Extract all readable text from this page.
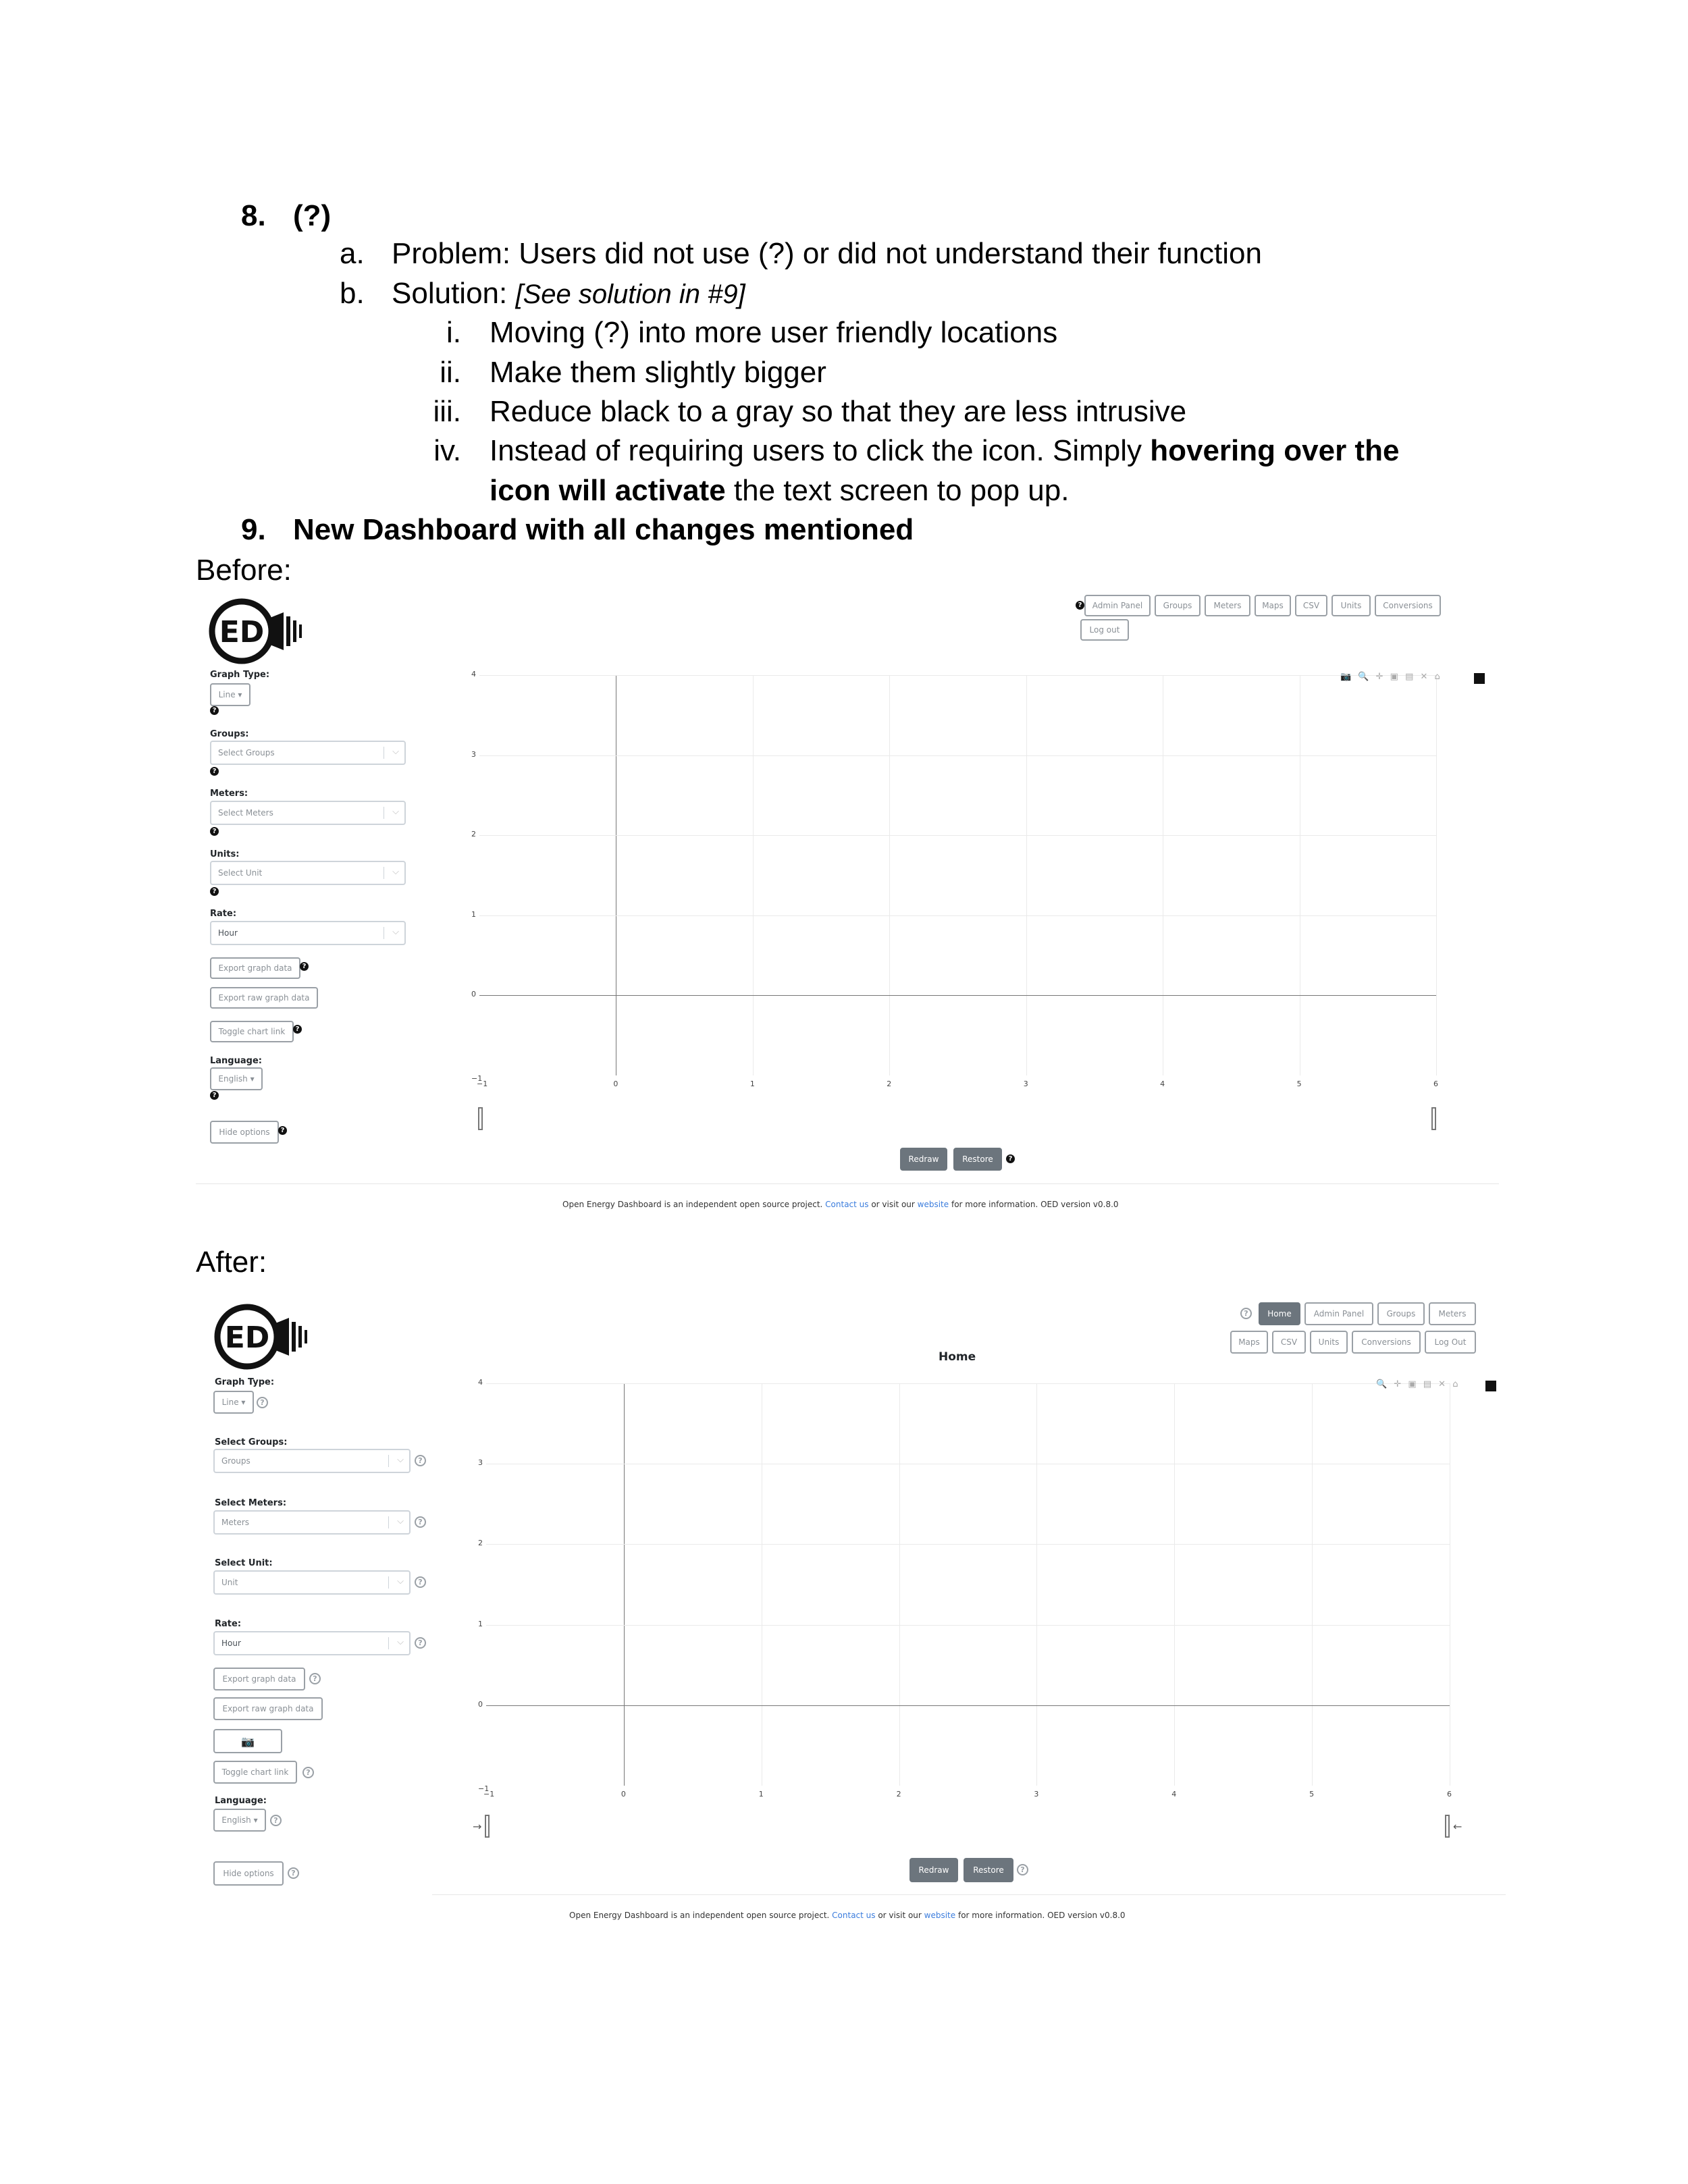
8. (?)
a. Problem: Users did not use (?) or did not understand their function
b. Solution: [See solution in #9]
i. Moving (?) into more user friendly locations
ii. Make them slightly bigger
iii. Reduce black to a gray so that they are less intrusive
iv. Instead of requiring users to click the icon. Simply hovering over the
icon will activate the text screen to pop up.
9. New Dashboard with all changes mentioned
Before:
After:
ED
?	Admin Panel	Groups	Meters	Maps	CSV	Units	Conversions
Log out
Graph Type:
Line ▾
?
Groups:
Select Groups	⌵
?
Meters:
Select Meters	⌵
?
Units:
Select Unit	⌵
?
Rate:
Hour	⌵
Export graph data	?
Export raw graph data
Toggle chart link	?
Language:
English ▾
?
Hide options	?
−1	0	1	2	3	4	5	6
4
3
2
1
0
−1
📷 🔍 ✛ ▣ ▤ ✕ ⌂
Redraw	Restore	?
Open Energy Dashboard is an independent open source project. Contact us or visit our website for more information. OED version v0.8.0
ED
?	Home	Admin Panel	Groups	Meters
Maps	CSV	Units	Conversions	Log Out
Home
Graph Type:
Line ▾	?
Select Groups:
Groups	⌵	?
Select Meters:
Meters	⌵	?
Select Unit:
Unit	⌵	?
Rate:
Hour	⌵	?
Export graph data	?
Export raw graph data
📷
Toggle chart link	?
Language:
English ▾	?
Hide options	?
−1	0	1	2	3	4	5	6
4
3
2
1
0
−1
🔍 ✛ ▣ ▤ ✕ ⌂
→	←
Redraw	Restore	?
Open Energy Dashboard is an independent open source project. Contact us or visit our website for more information. OED version v0.8.0
